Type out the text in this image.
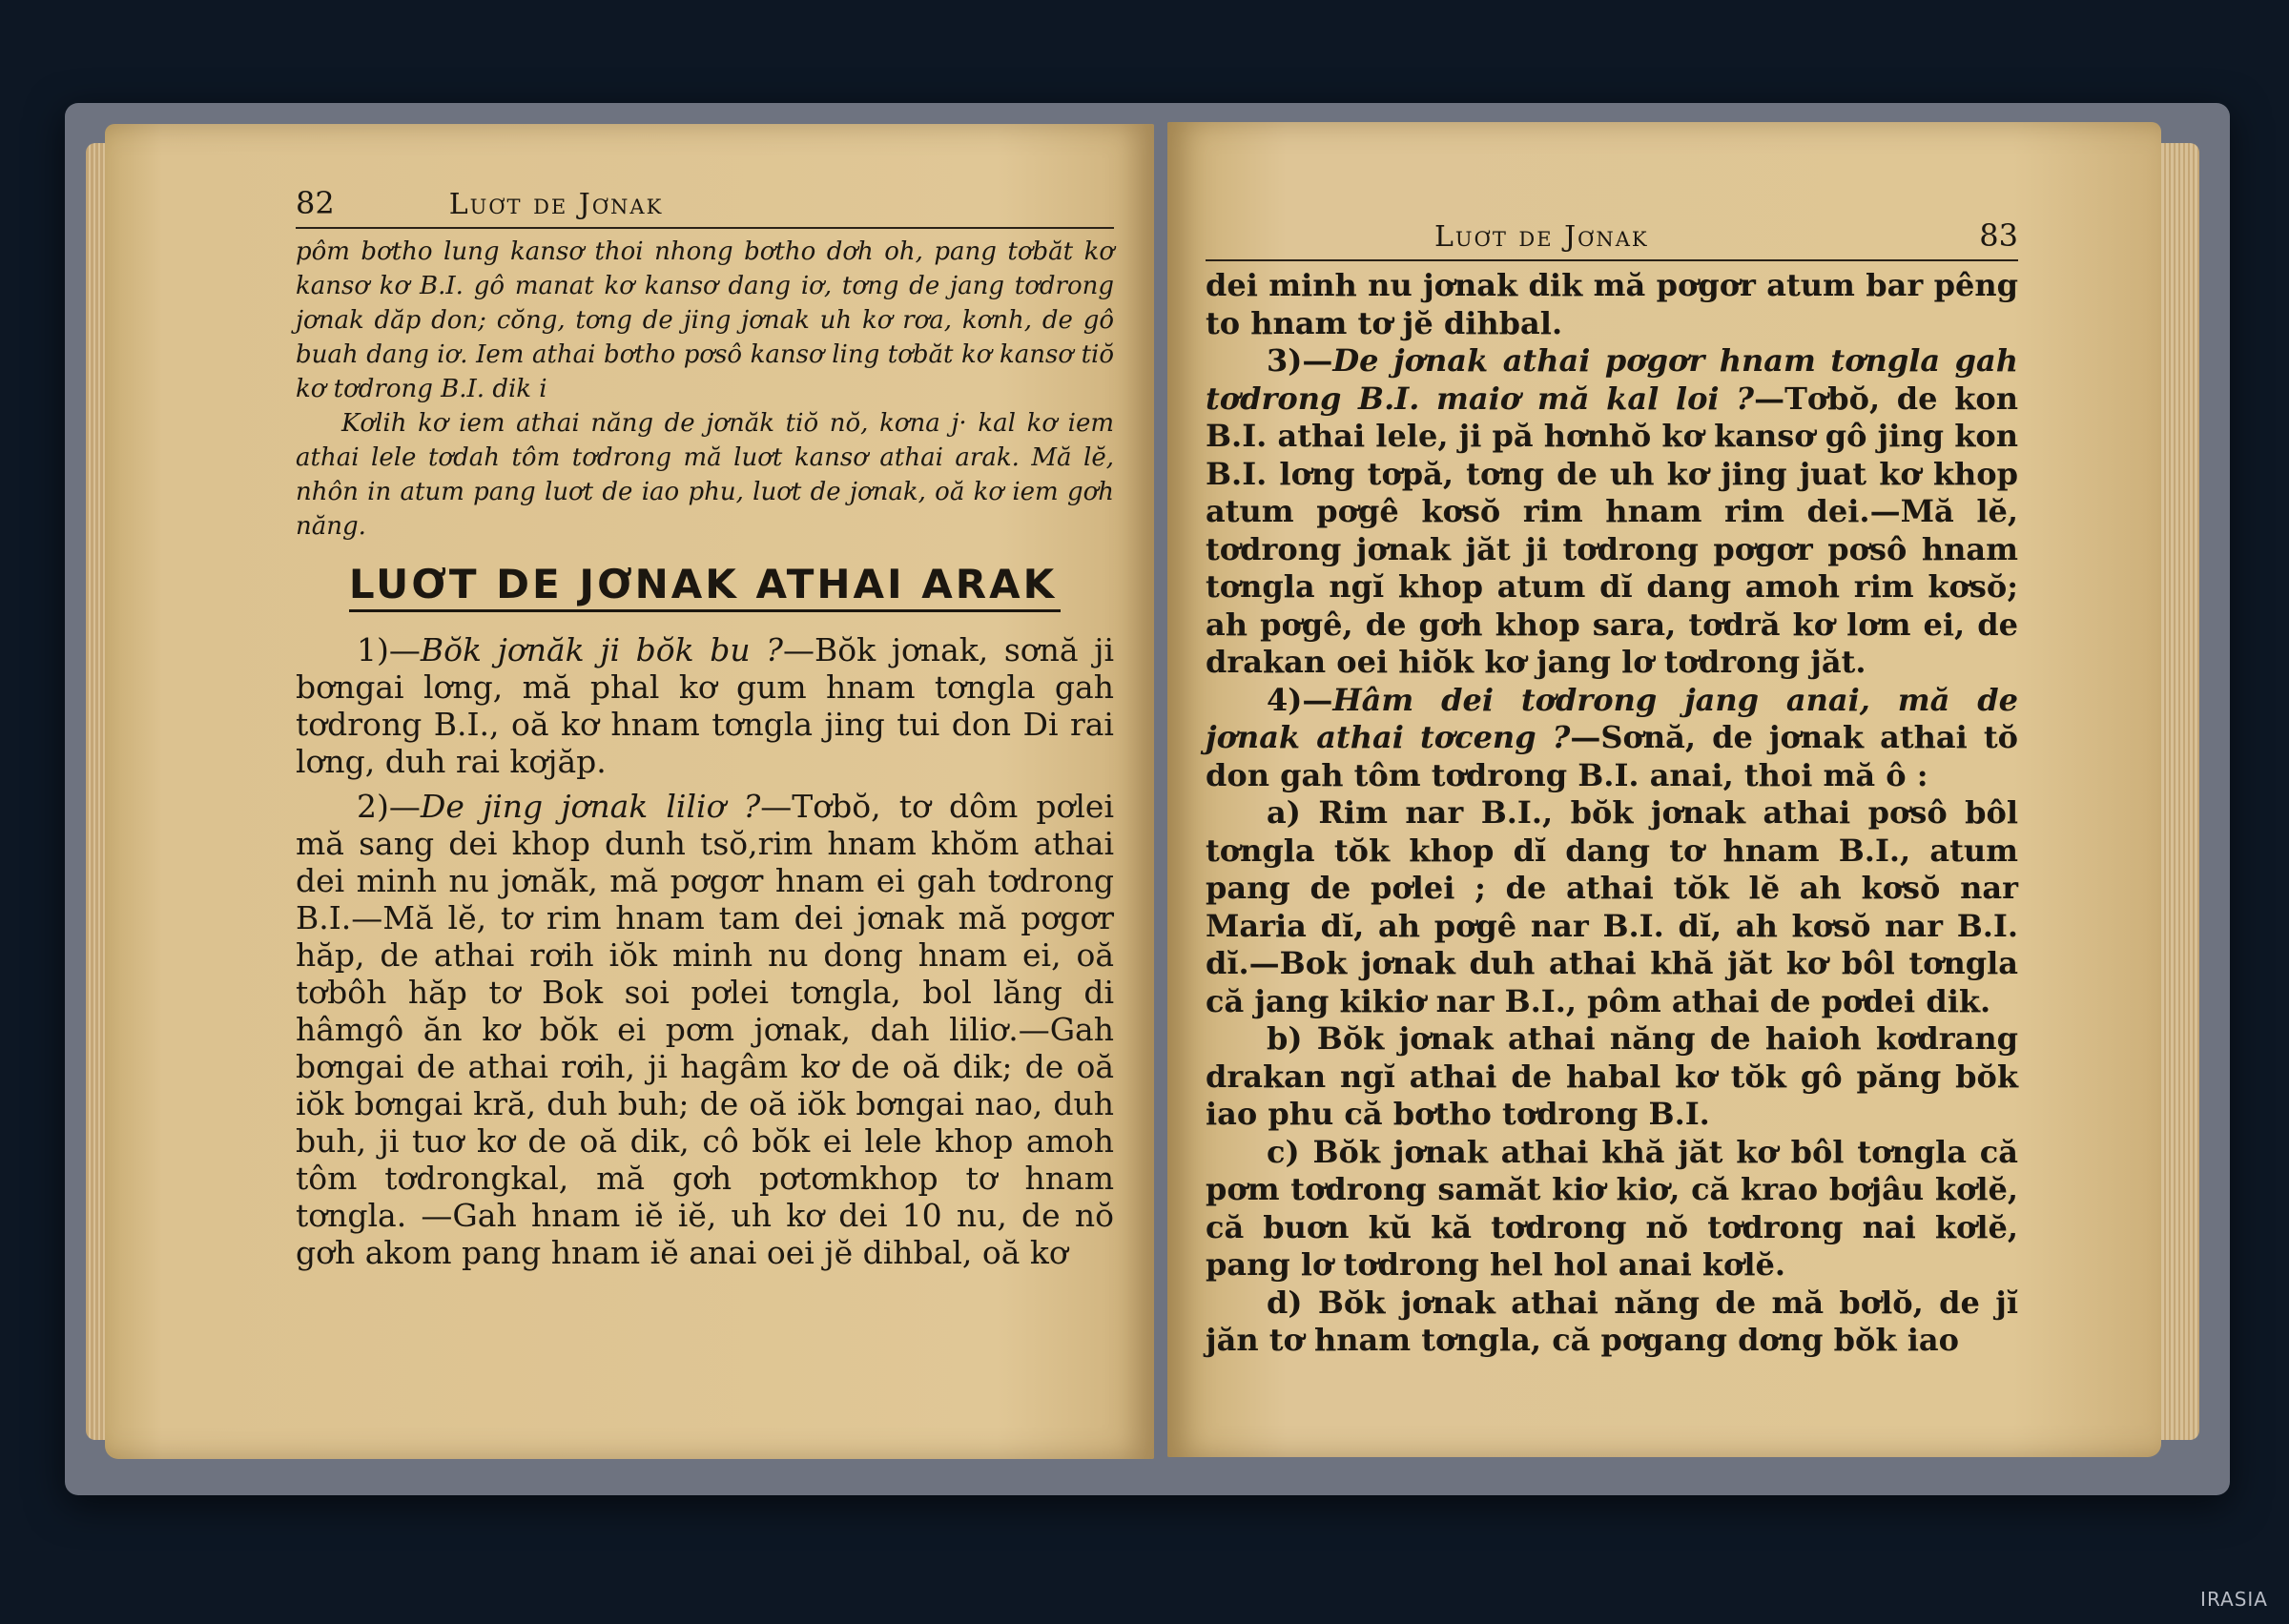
82	Luơt de Jơnak

pôm bơtho lung kansơ thoi nhong bơtho dơh oh, pang tơbăt kơ kansơ kơ B.I. gô manat kơ kansơ dang iơ, tơng de jang tơdrong jơnak dăp don; cŏng, tơng de jing jơnak uh kơ rơa, kơnh, de gô buah dang iơ. Iem athai bơtho pơsô kansơ ling tơbăt kơ kansơ tiŏ kơ tơdrong B.I. dik i

Kơlih kơ iem athai năng de jơnăk tiŏ nŏ, kơna j· kal kơ iem athai lele tơdah tôm tơdrong mă luơt kansơ athai arak. Mă lĕ, nhôn in atum pang luơt de iao phu, luơt de jơnak, oă kơ iem gơh năng.

LUƠT DE JƠNAK ATHAI ARAK

1)—Bŏk jơnăk ji bŏk bu ?—Bŏk jơnak, sơnă ji bơngai lơng, mă phal kơ gum hnam tơngla gah tơdrong B.I., oă kơ hnam tơngla jing tui don Di rai lơng, duh rai kơjăp.

2)—De jing jơnak liliơ ?—Tơbŏ, tơ dôm pơlei mă sang dei khop dunh tsŏ,rim hnam khŏm athai dei minh nu jơnăk, mă pơgơr hnam ei gah tơdrong B.I.—Mă lĕ, tơ rim hnam tam dei jơnak mă pơgơr hăp, de athai rơih iŏk minh nu dong hnam ei, oă tơbôh hăp tơ Bok soi pơlei tơngla, bol lăng di hâmgô ăn kơ bŏk ei pơm jơnak, dah liliơ.—Gah bơngai de athai rơih, ji hagâm kơ de oă dik; de oă iŏk bơngai kră, duh buh; de oă iŏk bơngai nao, duh buh, ji tuơ kơ de oă dik, cô bŏk ei lele khop amoh tôm tơdrongkal, mă gơh pơtơmkhop tơ hnam tơngla. —Gah hnam iĕ iĕ, uh kơ dei 10 nu, de nŏ gơh akom pang hnam iĕ anai oei jĕ dihbal, oă kơ

Luơt de Jơnak	83

dei minh nu jơnak dik mă pơgơr atum bar pêng to hnam tơ jĕ dihbal.

3)—De jơnak athai pơgơr hnam tơngla gah tơdrong B.I. maiơ mă kal loi ?—Tơbŏ, de kon B.I. athai lele, ji pă hơnhŏ kơ kansơ gô jing kon B.I. lơng tơpă, tơng de uh kơ jing juat kơ khop atum pơgê kơsŏ rim hnam rim dei.—Mă lĕ, tơdrong jơnak jăt ji tơdrong pơgơr pơsô hnam tơngla ngĭ khop atum dĭ dang amoh rim kơsŏ; ah pơgê, de gơh khop sara, tơdră kơ lơm ei, de drakan oei hiŏk kơ jang lơ tơdrong jăt.

4)—Hâm dei tơdrong jang anai, mă de jơnak athai tơceng ?—Sơnă, de jơnak athai tŏ don gah tôm tơdrong B.I. anai, thoi mă ô :

a) Rim nar B.I., bŏk jơnak athai pơsô bôl tơngla tŏk khop dĭ dang tơ hnam B.I., atum pang de pơlei ; de athai tŏk lĕ ah kơsŏ nar Maria dĭ, ah pơgê nar B.I. dĭ, ah kơsŏ nar B.I. dĭ.—Bok jơnak duh athai khă jăt kơ bôl tơngla că jang kikiơ nar B.I., pôm athai de pơdei dik.

b) Bŏk jơnak athai năng de haioh kơdrang drakan ngĭ athai de habal kơ tŏk gô păng bŏk iao phu că bơtho tơdrong B.I.

c) Bŏk jơnak athai khă jăt kơ bôl tơngla că pơm tơdrong samăt kiơ kiơ, că krao bơjâu kơlĕ, că buơn kŭ kă tơdrong nŏ tơdrong nai kơlĕ, pang lơ tơdrong hel hol anai kơlĕ.

d) Bŏk jơnak athai năng de mă bơlŏ, de jĭ jăn tơ hnam tơngla, că pơgang dơng bŏk iao

IRASIA
